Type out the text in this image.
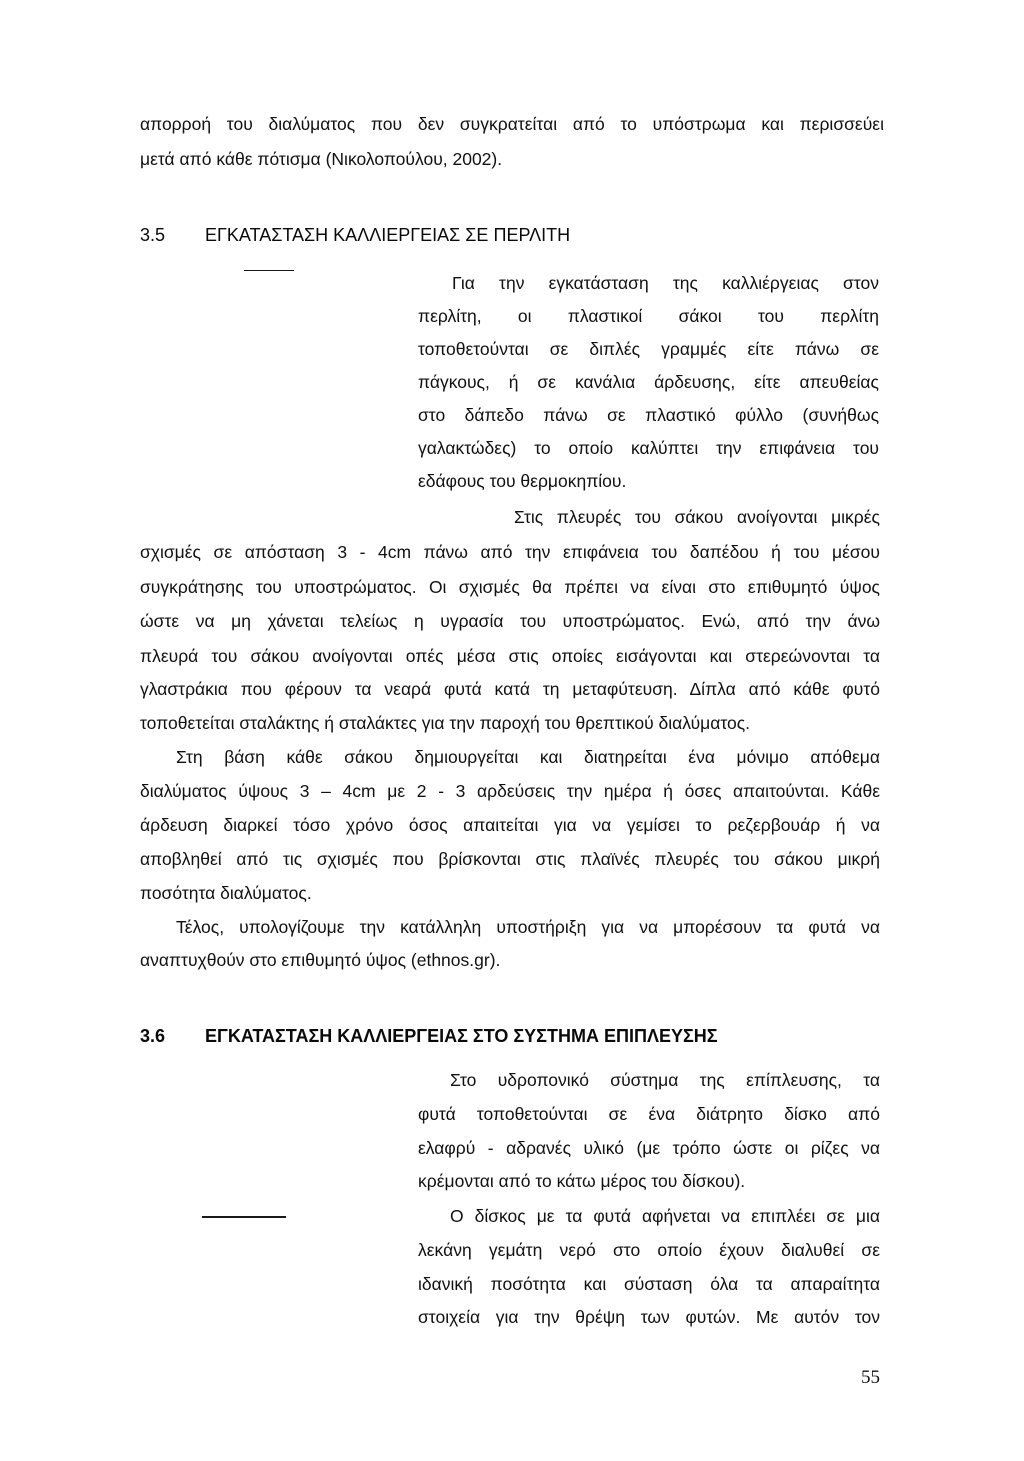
απορροή του διαλύματος που δεν συγκρατείται από το υπόστρωμα και περισσεύει

μετά από κάθε πότισμα (Νικολοπούλου, 2002).

3.5 ΕΓΚΑΤΑΣΤΑΣΗ ΚΑΛΛΙΕΡΓΕΙΑΣ ΣΕ ΠΕΡΛΙΤΗ

Για την εγκατάσταση της καλλιέργειας στον

περλίτη, οι πλαστικοί σάκοι του περλίτη

τοποθετούνται σε διπλές γραμμές είτε πάνω σε

πάγκους, ή σε κανάλια άρδευσης, είτε απευθείας

στο δάπεδο πάνω σε πλαστικό φύλλο (συνήθως

γαλακτώδες) το οποίο καλύπτει την επιφάνεια του

εδάφους του θερμοκηπίου.

Στις πλευρές του σάκου ανοίγονται μικρές

σχισμές σε απόσταση 3 - 4cm πάνω από την επιφάνεια του δαπέδου ή του μέσου

συγκράτησης του υποστρώματος. Οι σχισμές θα πρέπει να είναι στο επιθυμητό ύψος

ώστε να μη χάνεται τελείως η υγρασία του υποστρώματος. Ενώ, από την άνω

πλευρά του σάκου ανοίγονται οπές μέσα στις οποίες εισάγονται και στερεώνονται τα

γλαστράκια που φέρουν τα νεαρά φυτά κατά τη μεταφύτευση. Δίπλα από κάθε φυτό

τοποθετείται σταλάκτης ή σταλάκτες για την παροχή του θρεπτικού διαλύματος.

Στη βάση κάθε σάκου δημιουργείται και διατηρείται ένα μόνιμο απόθεμα

διαλύματος ύψους 3 – 4cm με 2 - 3 αρδεύσεις την ημέρα ή όσες απαιτούνται. Κάθε

άρδευση διαρκεί τόσο χρόνο όσος απαιτείται για να γεμίσει το ρεζερβουάρ ή να

αποβληθεί από τις σχισμές που βρίσκονται στις πλαϊνές πλευρές του σάκου μικρή

ποσότητα διαλύματος.

Τέλος, υπολογίζουμε την κατάλληλη υποστήριξη για να μπορέσουν τα φυτά να

αναπτυχθούν στο επιθυμητό ύψος (ethnos.gr).

3.6 ΕΓΚΑΤΑΣΤΑΣΗ ΚΑΛΛΙΕΡΓΕΙΑΣ ΣΤΟ ΣΥΣΤΗΜΑ ΕΠΙΠΛΕΥΣΗΣ

Στο υδροπονικό σύστημα της επίπλευσης, τα

φυτά τοποθετούνται σε ένα διάτρητο δίσκο από

ελαφρύ - αδρανές υλικό (με τρόπο ώστε οι ρίζες να

κρέμονται από το κάτω μέρος του δίσκου).

Ο δίσκος με τα φυτά αφήνεται να επιπλέει σε μια

λεκάνη γεμάτη νερό στο οποίο έχουν διαλυθεί σε

ιδανική ποσότητα και σύσταση όλα τα απαραίτητα

στοιχεία για την θρέψη των φυτών. Με αυτόν τον

55
